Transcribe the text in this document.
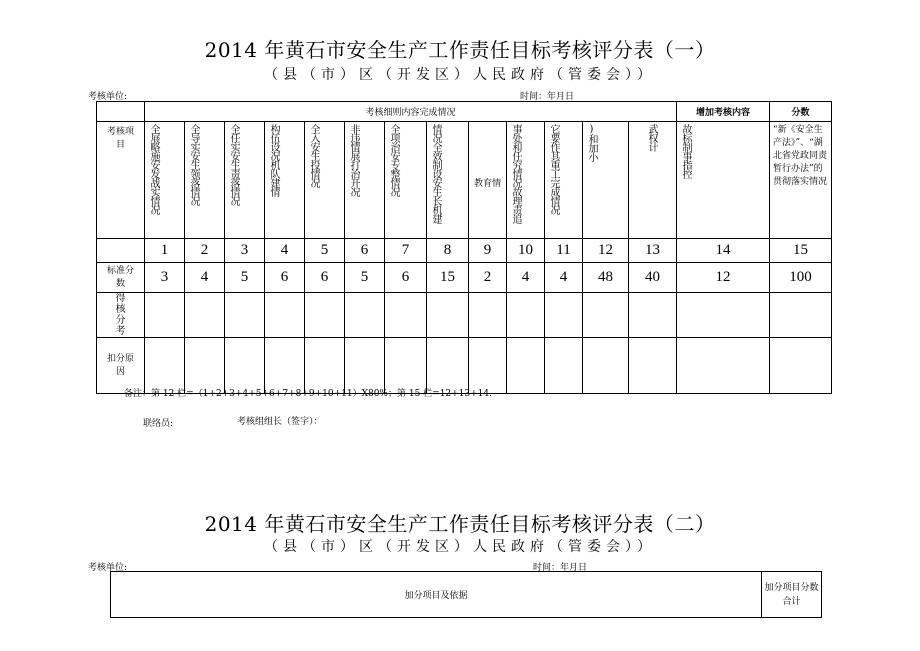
2014 年黄石市安全生产工作责任目标考核评分表（一）
（县（市）区（开发区）人民政府（管委会））
考核单位:	时间：年月日
	考核细则内容完成情况													增加考核内容	分数	

考核项目	全展略施安发战实情况	全导实安生领落情况	全任实安生责落情况	构伍设况机队建情	全入安生投情况	非违情展打治开况	全项治安专整情况	情况全效制设安生长机建	教育情	事处和任究情况故理责追	它要作其重工完成情况	)和加小	武权计	故标制事指控	“新《安全生产法》”、“湖北省党政同责暂行办法”的贯彻落实情况	
	1	2	3	4	5	6	7	8	9	10	11	12	13	14	15	

标准分数	3	4	5	6	6	5	6	15	2	4	4	48	40	12	100	

得核分考																

扣分原因																

备注：第 12 栏=（1+2+3+4+5+6+7+8+9+10+11）X80%；第 15 栏=12+13+14.
联络员:	考核组组长（签字）：
2014 年黄石市安全生产工作责任目标考核评分表（二）
（县（市）区（开发区）人民政府（管委会））
考核单位:	时间：年月日
加分项目及依据	加分项目分数合计
